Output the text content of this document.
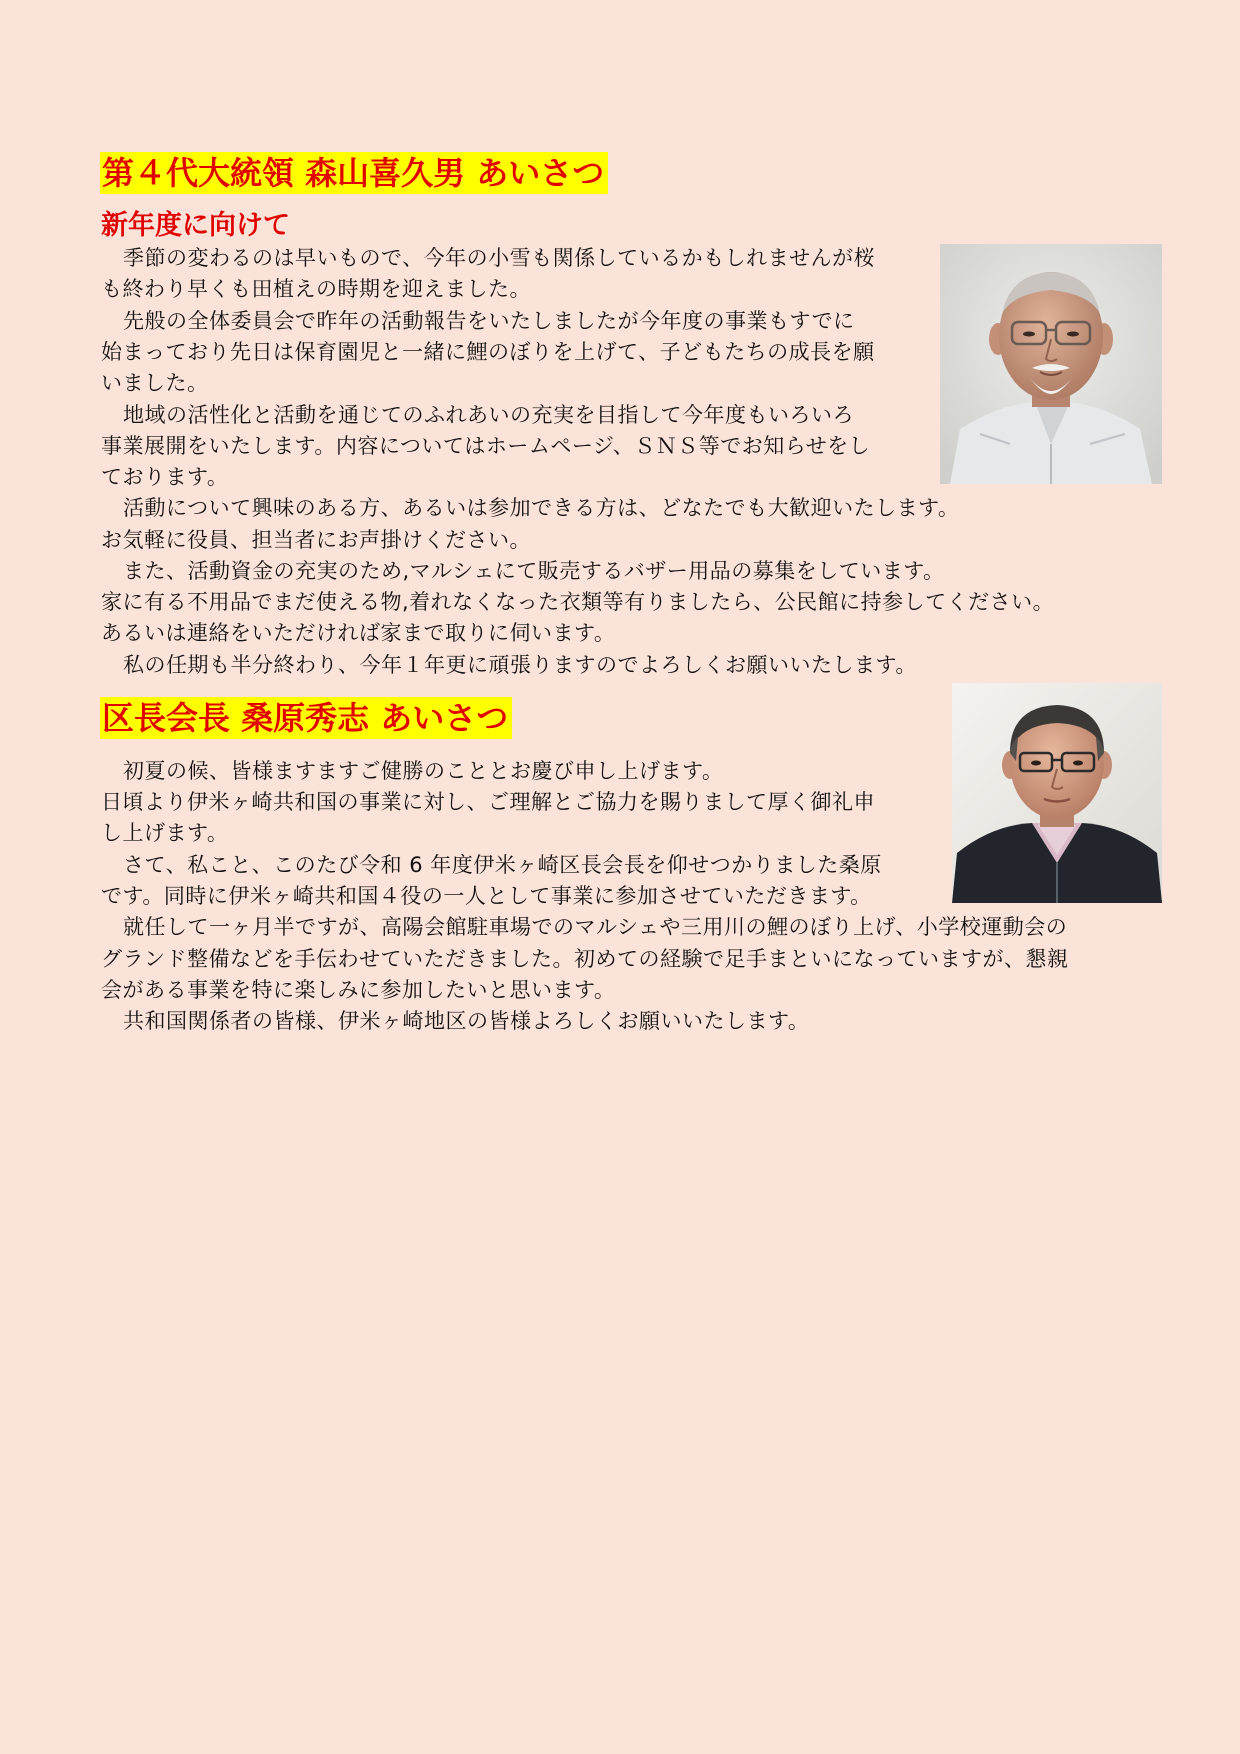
第４代大統領 森山喜久男 あいさつ
新年度に向けて
季節の変わるのは早いもので、今年の小雪も関係しているかもしれませんが桜
も終わり早くも田植えの時期を迎えました。
先般の全体委員会で昨年の活動報告をいたしましたが今年度の事業もすでに
始まっており先日は保育園児と一緒に鯉のぼりを上げて、子どもたちの成長を願
いました。
地域の活性化と活動を通じてのふれあいの充実を目指して今年度もいろいろ
事業展開をいたします。内容についてはホームページ、ＳＮＳ等でお知らせをし
ております。
活動について興味のある方、あるいは参加できる方は、どなたでも大歓迎いたします。
お気軽に役員、担当者にお声掛けください。
また、活動資金の充実のため,マルシェにて販売するバザー用品の募集をしています。
家に有る不用品でまだ使える物,着れなくなった衣類等有りましたら、公民館に持参してください。
あるいは連絡をいただければ家まで取りに伺います。
私の任期も半分終わり、今年１年更に頑張りますのでよろしくお願いいたします。
区長会長 桑原秀志 あいさつ
初夏の候、皆様ますますご健勝のこととお慶び申し上げます。
日頃より伊米ヶ崎共和国の事業に対し、ご理解とご協力を賜りまして厚く御礼申
し上げます。
さて、私こと、このたび令和 6 年度伊米ヶ崎区長会長を仰せつかりました桑原
です。同時に伊米ヶ崎共和国４役の一人として事業に参加させていただきます。
就任して一ヶ月半ですが、高陽会館駐車場でのマルシェや三用川の鯉のぼり上げ、小学校運動会の
グランド整備などを手伝わせていただきました。初めての経験で足手まといになっていますが、懇親
会がある事業を特に楽しみに参加したいと思います。
共和国関係者の皆様、伊米ヶ崎地区の皆様よろしくお願いいたします。
